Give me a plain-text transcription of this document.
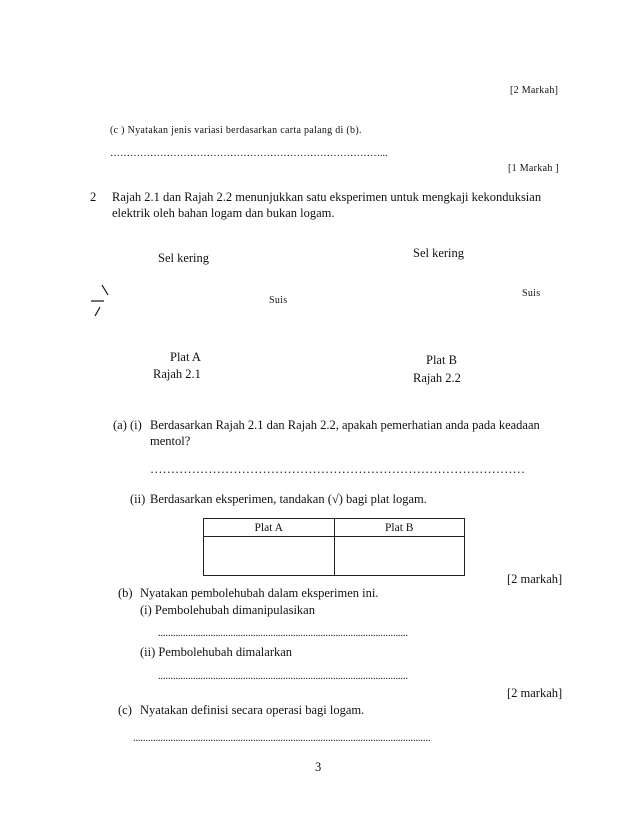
[2 Markah]
(c ) Nyatakan jenis variasi berdasarkan carta palang di (b).
………………………………………………………………………...
[1 Markah ]
2 Rajah 2.1 dan Rajah 2.2 menunjukkan satu eksperimen untuk mengkaji kekonduksian
elektrik oleh bahan logam dan bukan logam.
Sel kering
Suis
Plat A
Rajah 2.1
Sel kering
Suis
Plat B
Rajah 2.2
(a) (i) Berdasarkan Rajah 2.1 dan Rajah 2.2, apakah pemerhatian anda pada keadaan
mentol?
………………………………………………………………………………
(ii) Berdasarkan eksperimen, tandakan (√) bagi plat logam.
Plat A	Plat B

[2 markah]
(b) Nyatakan pembolehubah dalam eksperimen ini.
(i) Pembolehubah dimanipulasikan
....................................................................................................
(ii) Pembolehubah dimalarkan
....................................................................................................
[2 markah]
(c) Nyatakan definisi secara operasi bagi logam.
.......................................................................................................................
3
